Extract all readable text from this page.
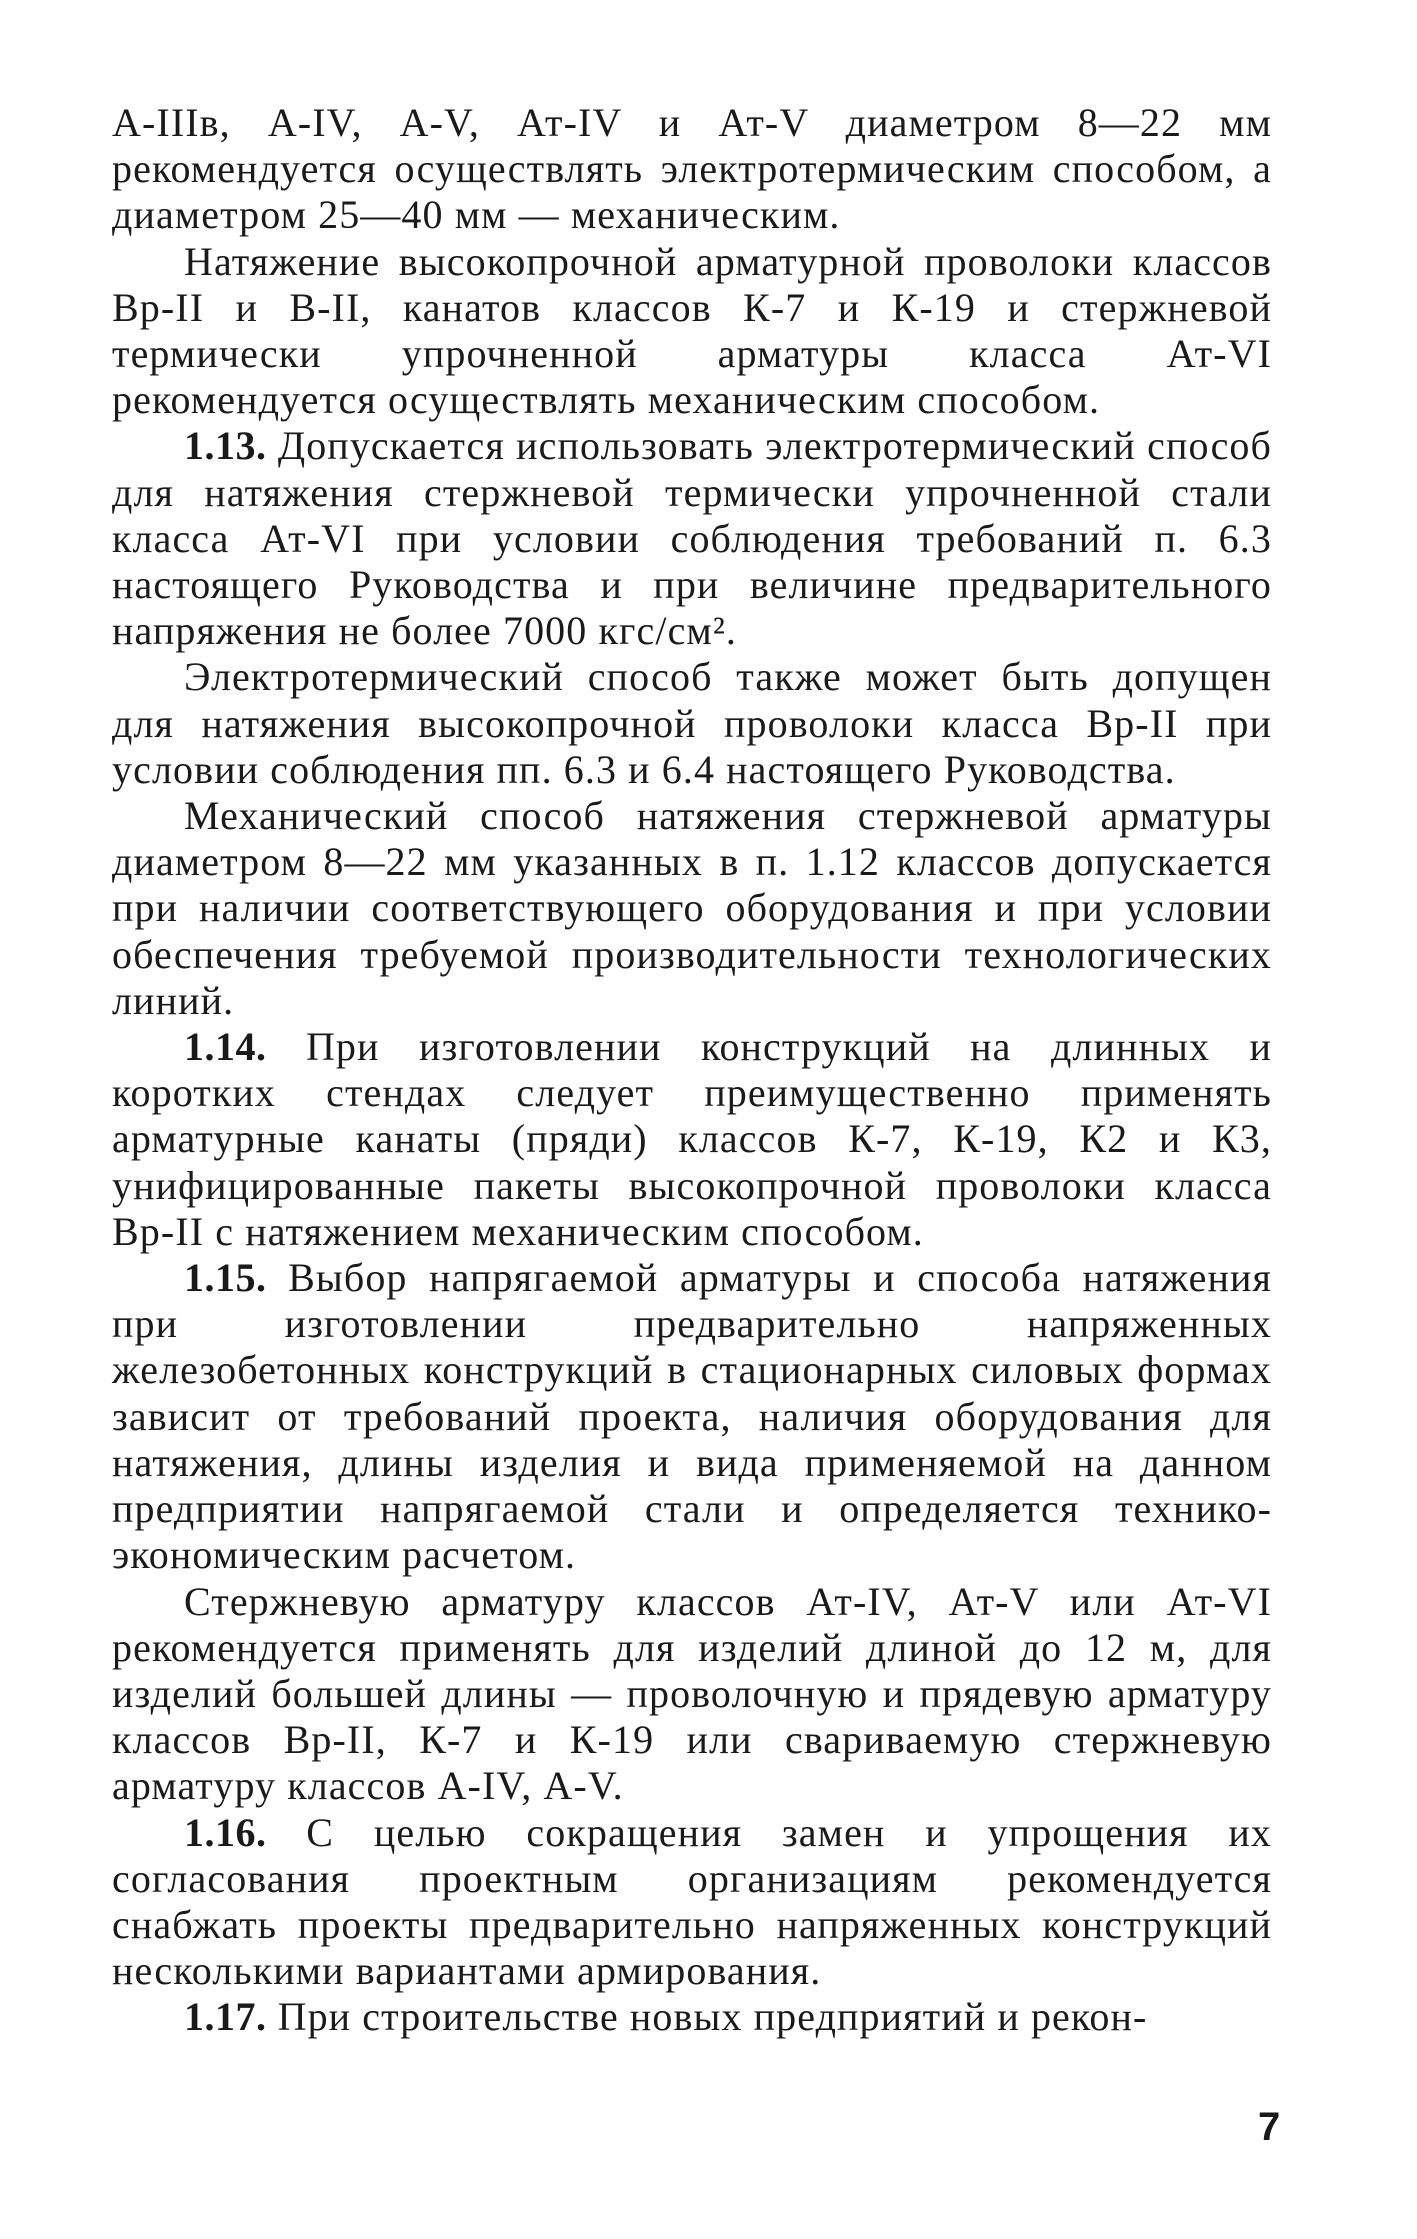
А-IIIв, А-IV, А-V, Ат-IV и Ат-V диаметром 8—22 мм рекомендуется осуществлять электротермическим способом, а диаметром 25—40 мм — механическим.

Натяжение высокопрочной арматурной проволоки классов Вр-II и В-II, канатов классов К-7 и К-19 и стержневой термически упрочненной арматуры класса Ат-VI рекомендуется осуществлять механическим способом.

1.13. Допускается использовать электротермический способ для натяжения стержневой термически упрочненной стали класса Ат-VI при условии соблюдения требований п. 6.3 настоящего Руководства и при величине предварительного напряжения не более 7000 кгс/см².

Электротермический способ также может быть допущен для натяжения высокопрочной проволоки класса Вр-II при условии соблюдения пп. 6.3 и 6.4 настоящего Руководства.

Механический способ натяжения стержневой арматуры диаметром 8—22 мм указанных в п. 1.12 классов допускается при наличии соответствующего оборудования и при условии обеспечения требуемой производительности технологических линий.

1.14. При изготовлении конструкций на длинных и коротких стендах следует преимущественно применять арматурные канаты (пряди) классов К-7, К-19, К2 и К3, унифицированные пакеты высокопрочной проволоки класса Вр-II с натяжением механическим способом.

1.15. Выбор напрягаемой арматуры и способа натяжения при изготовлении предварительно напряженных железобетонных конструкций в стационарных силовых формах зависит от требований проекта, наличия оборудования для натяжения, длины изделия и вида применяемой на данном предприятии напрягаемой стали и определяется технико-экономическим расчетом.

Стержневую арматуру классов Ат-IV, Ат-V или Ат-VI рекомендуется применять для изделий длиной до 12 м, для изделий большей длины — проволочную и прядевую арматуру классов Вр-II, К-7 и К-19 или свариваемую стержневую арматуру классов А-IV, А-V.

1.16. С целью сокращения замен и упрощения их согласования проектным организациям рекомендуется снабжать проекты предварительно напряженных конструкций несколькими вариантами армирования.

1.17. При строительстве новых предприятий и рекон-

7
